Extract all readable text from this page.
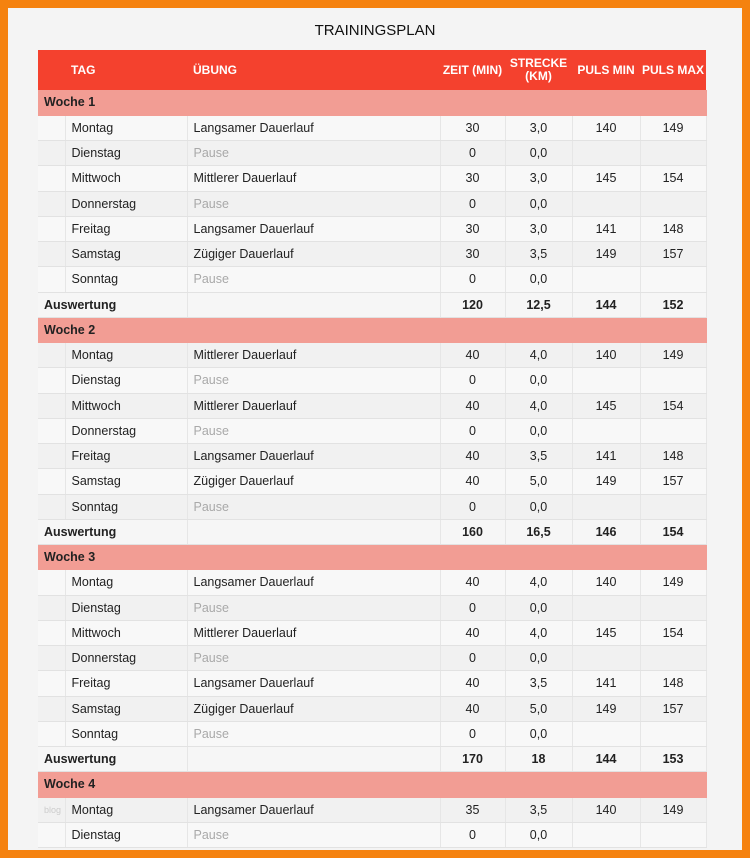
TRAININGSPLAN
	TAG	ÜBUNG	ZEIT (MIN)	STRECKE (KM)	PULS MIN	PULS MAX
Woche 1						
	Montag	Langsamer Dauerlauf	30	3,0	140	149
	Dienstag	Pause	0	0,0		
	Mittwoch	Mittlerer Dauerlauf	30	3,0	145	154
	Donnerstag	Pause	0	0,0		
	Freitag	Langsamer Dauerlauf	30	3,0	141	148
	Samstag	Zügiger Dauerlauf	30	3,5	149	157
	Sonntag	Pause	0	0,0		
Auswertung			120	12,5	144	152
Woche 2						
	Montag	Mittlerer Dauerlauf	40	4,0	140	149
	Dienstag	Pause	0	0,0		
	Mittwoch	Mittlerer Dauerlauf	40	4,0	145	154
	Donnerstag	Pause	0	0,0		
	Freitag	Langsamer Dauerlauf	40	3,5	141	148
	Samstag	Zügiger Dauerlauf	40	5,0	149	157
	Sonntag	Pause	0	0,0		
Auswertung			160	16,5	146	154
Woche 3						
	Montag	Langsamer Dauerlauf	40	4,0	140	149
	Dienstag	Pause	0	0,0		
	Mittwoch	Mittlerer Dauerlauf	40	4,0	145	154
	Donnerstag	Pause	0	0,0		
	Freitag	Langsamer Dauerlauf	40	3,5	141	148
	Samstag	Zügiger Dauerlauf	40	5,0	149	157
	Sonntag	Pause	0	0,0		
Auswertung			170	18	144	153
Woche 4						
blog	Montag	Langsamer Dauerlauf	35	3,5	140	149
	Dienstag	Pause	0	0,0		
